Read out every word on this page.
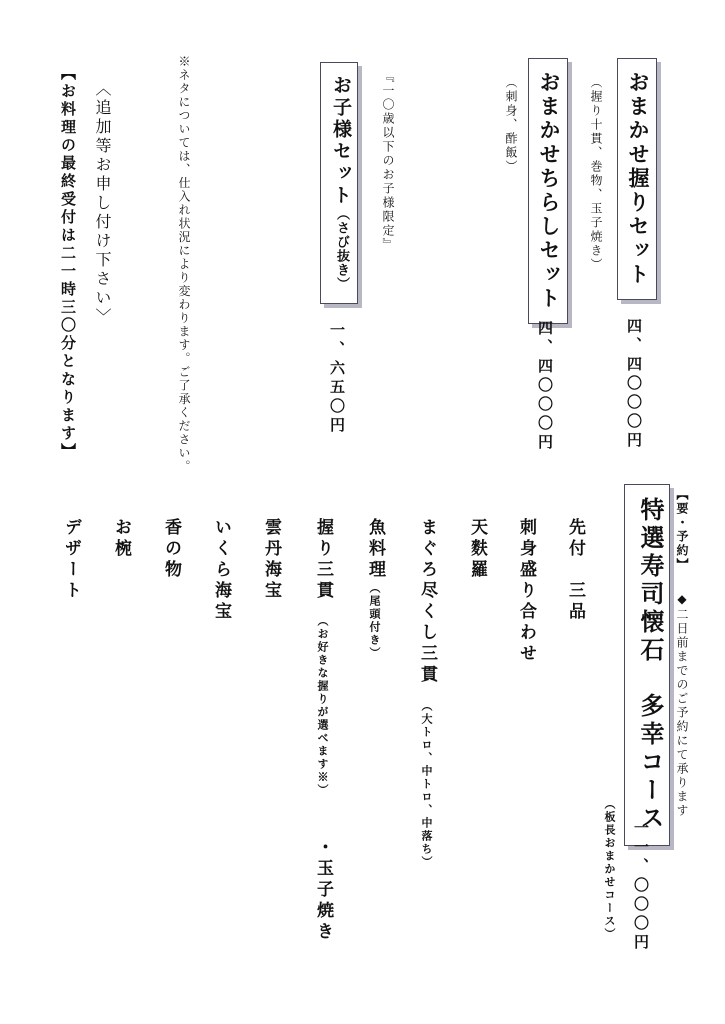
おまかせ握りセット
（握り十貫、巻物、玉子焼き）
四、四〇〇〇円
おまかせちらしセット
（刺身、酢飯）
四、四〇〇〇円
『一〇歳以下のお子様限定』
お子様セット（さび抜き）
一、六五〇円
※ネタについては、仕入れ状況により変わります。ご了承ください。
〈追加等お申し付け下さい〉
【お料理の最終受付は二一時三〇分となります】
【要・予約】
◆二日前までのご予約にて承ります
特選寿司懐石　多幸コース
一一、〇〇〇円
（板長おまかせコース）
先付　三品
刺身盛り合わせ
天麩羅
まぐろ尽くし三貫
（大トロ、中トロ、中落ち）
魚料理
（尾頭付き）
握り三貫
（お好きな握りが選べます※）
・玉子焼き
雲丹海宝
いくら海宝
香の物
お椀
デザート
